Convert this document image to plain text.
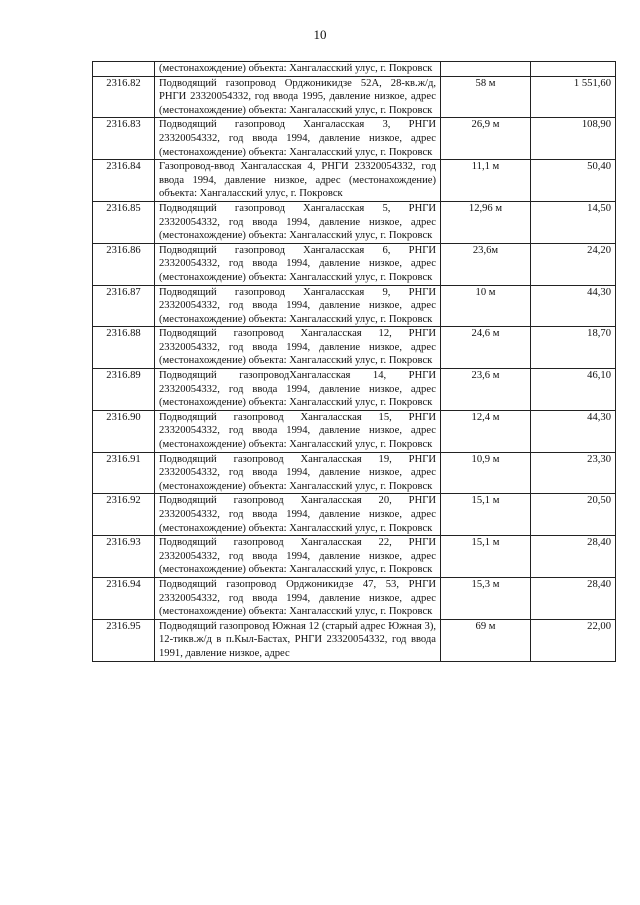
10
	(местонахождение) объекта: Хангаласский улус, г. Покровск		
2316.82	Подводящий газопровод Орджоникидзе 52А, 28-кв.ж/д, РНГИ 23320054332, год ввода 1995, давление низкое, адрес (местонахождение) объекта: Хангаласский улус, г. Покровск	58 м	1 551,60
2316.83	Подводящий газопровод Хангаласская 3, РНГИ 23320054332, год ввода 1994, давление низкое, адрес (местонахождение) объекта: Хангаласский улус, г. Покровск	26,9 м	108,90
2316.84	Газопровод-ввод Хангаласская 4, РНГИ 23320054332, год ввода 1994, давление низкое, адрес (местонахождение) объекта: Хангаласский улус, г. Покровск	11,1 м	50,40
2316.85	Подводящий газопровод Хангаласская 5, РНГИ 23320054332, год ввода 1994, давление низкое, адрес (местонахождение) объекта: Хангаласский улус, г. Покровск	12,96 м	14,50
2316.86	Подводящий газопровод Хангаласская 6, РНГИ 23320054332, год ввода 1994, давление низкое, адрес (местонахождение) объекта: Хангаласский улус, г. Покровск	23,6м	24,20
2316.87	Подводящий газопровод Хангаласская 9, РНГИ 23320054332, год ввода 1994, давление низкое, адрес (местонахождение) объекта: Хангаласский улус, г. Покровск	10 м	44,30
2316.88	Подводящий газопровод Хангаласская 12, РНГИ 23320054332, год ввода 1994, давление низкое, адрес (местонахождение) объекта: Хангаласский улус, г. Покровск	24,6 м	18,70
2316.89	Подводящий газопроводХангаласская 14, РНГИ 23320054332, год ввода 1994, давление низкое, адрес (местонахождение) объекта: Хангаласский улус, г. Покровск	23,6 м	46,10
2316.90	Подводящий газопровод Хангаласская 15, РНГИ 23320054332, год ввода 1994, давление низкое, адрес (местонахождение) объекта: Хангаласский улус, г. Покровск	12,4 м	44,30
2316.91	Подводящий газопровод Хангаласская 19, РНГИ 23320054332, год ввода 1994, давление низкое, адрес (местонахождение) объекта: Хангаласский улус, г. Покровск	10,9 м	23,30
2316.92	Подводящий газопровод Хангаласская 20, РНГИ 23320054332, год ввода 1994, давление низкое, адрес (местонахождение) объекта: Хангаласский улус, г. Покровск	15,1 м	20,50
2316.93	Подводящий газопровод Хангаласская 22, РНГИ 23320054332, год ввода 1994, давление низкое, адрес (местонахождение) объекта: Хангаласский улус, г. Покровск	15,1 м	28,40
2316.94	Подводящий газопровод Орджоникидзе 47, 53, РНГИ 23320054332, год ввода 1994, давление низкое, адрес (местонахождение) объекта: Хангаласский улус, г. Покровск	15,3 м	28,40
2316.95	Подводящий газопровод Южная 12 (старый адрес Южная 3), 12-тикв.ж/д в п.Кыл-Бастах, РНГИ 23320054332, год ввода 1991, давление низкое, адрес	69 м	22,00
